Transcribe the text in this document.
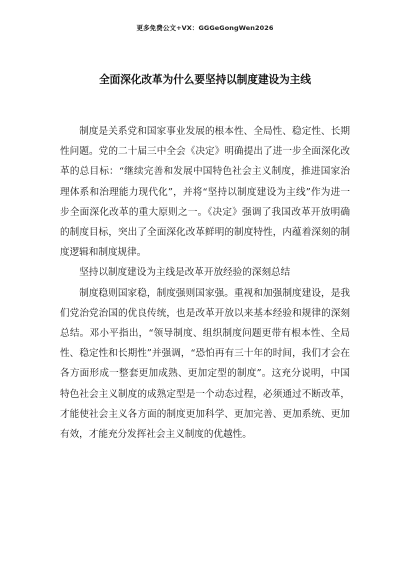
更多免费公文+VX：GGGeGongWen2026
全面深化改革为什么要坚持以制度建设为主线

制度是关系党和国家事业发展的根本性、全局性、稳定性、长期性问题。党的二十届三中全会《决定》明确提出了进一步全面深化改革的总目标：“继续完善和发展中国特色社会主义制度，推进国家治理体系和治理能力现代化”，并将“坚持以制度建设为主线”作为进一步全面深化改革的重大原则之一。《决定》强调了我国改革开放明确的制度目标，突出了全面深化改革鲜明的制度特性，内蕴着深刻的制度逻辑和制度规律。

坚持以制度建设为主线是改革开放经验的深刻总结

制度稳则国家稳，制度强则国家强。重视和加强制度建设，是我们党治党治国的优良传统，也是改革开放以来基本经验和规律的深刻总结。邓小平指出，“领导制度、组织制度问题更带有根本性、全局性、稳定性和长期性”并强调，“恐怕再有三十年的时间，我们才会在各方面形成一整套更加成熟、更加定型的制度”。这充分说明，中国特色社会主义制度的成熟定型是一个动态过程，必须通过不断改革，才能使社会主义各方面的制度更加科学、更加完善、更加系统、更加有效，才能充分发挥社会主义制度的优越性。
